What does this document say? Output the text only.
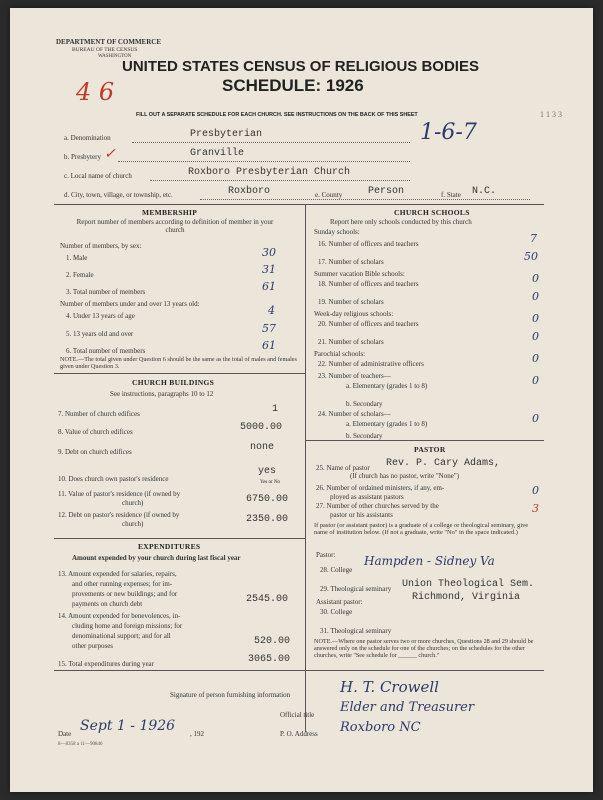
DEPARTMENT OF COMMERCE
BUREAU OF THE CENSUS
WASHINGTON
4 6
UNITED STATES CENSUS OF RELIGIOUS BODIES
SCHEDULE: 1926
1 1 3 3
FILL OUT A SEPARATE SCHEDULE FOR EACH CHURCH. SEE INSTRUCTIONS ON THE BACK OF THIS SHEET
1-6-7
a. Denomination	Presbyterian
b. Presbytery	Granville
✓
c. Local name of church	Roxboro Presbyterian Church
d. City, town, village, or township, etc.	Roxboro	e. County	Person	f. State N.C.
MEMBERSHIP
Report number of members according to definition of member in your church
Number of members, by sex:
1. Male	30
2. Female	31
3. Total number of members	61
Number of members under and over 13 years old:
4. Under 13 years of age	4
5. 13 years old and over	57
6. Total number of members	61
NOTE.—The total given under Question 6 should be the same as the total of males and females given under Question 3.
CHURCH BUILDINGS
See instructions, paragraphs 10 to 12
7. Number of church edifices	1
8. Value of church edifices	5000.00
9. Debt on church edifices	none
10. Does church own pastor's residence
yes
Yes or No
11. Value of pastor's residence (if owned by
church)	6750.00
12. Debt on pastor's residence (if owned by
church)	2350.00
EXPENDITURES
Amount expended by your church during last fiscal year
13. Amount expended for salaries, repairs,
and other running expenses; for im-
provements or new buildings; and for
payments on church debt	2545.00
14. Amount expended for benevolences, in-
cluding home and foreign missions; for
denominational support; and for all
other purposes	520.00
15. Total expenditures during year	3065.00
CHURCH SCHOOLS
Report here only schools conducted by this church
Sunday schools:
16. Number of officers and teachers	7
17. Number of scholars	50
Summer vacation Bible schools:
18. Number of officers and teachers	0
19. Number of scholars	0
Week-day religious schools:
20. Number of officers and teachers	0
21. Number of scholars	0
Parochial schools:
22. Number of administrative officers	0
23. Number of teachers—
a. Elementary (grades 1 to 8)	0
b. Secondary
24. Number of scholars—
a. Elementary (grades 1 to 8)	0
b. Secondary
PASTOR
25. Name of pastor Rev. P. Cary Adams,
(If church has no pastor, write "None")
26. Number of ordained ministers, if any, em-
ployed as assistant pastors	0
27. Number of other churches served by the
pastor or his assistants	3
If pastor (or assistant pastor) is a graduate of a college or theological seminary, give name of institution below. (If not a graduate, write "No" in the space indicated.)
Pastor:
28. College
Hampden - Sidney Va
29. Theological seminary Union Theological Sem.
Richmond, Virginia
Assistant pastor:
30. College
31. Theological seminary
NOTE.—Where one pastor serves two or more churches, Questions 28 and 29 should be answered only on the schedule for one of the churches; on the schedules for the other churches, write "See schedule for ______ church."
Signature of person furnishing information	H. T. Crowell
Official title Elder and Treasurer
Date Sept 1 - 1926 , 192	P. O. Address Roxboro NC
8—8358 a 11—90846
